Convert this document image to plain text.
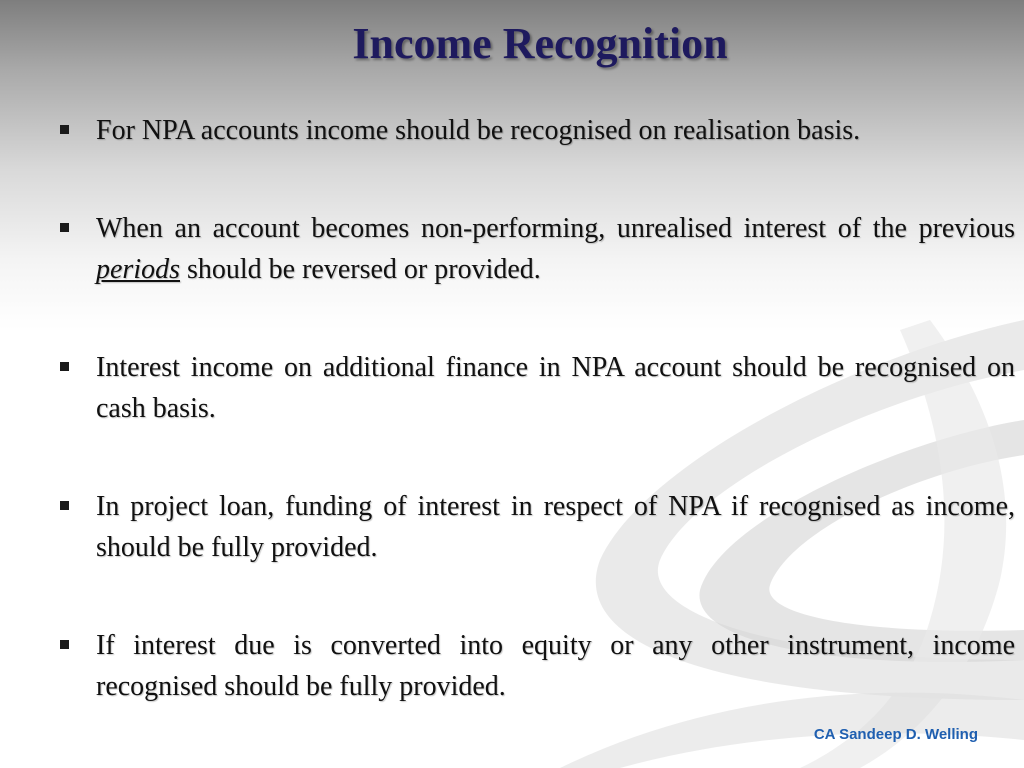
Income Recognition
For NPA accounts income should be recognised on realisation basis.
When an account becomes non-performing, unrealised interest of the previous periods should be reversed or provided.
Interest income on additional finance in NPA account should be recognised on cash basis.
In project loan, funding of interest in respect of NPA if recognised as income, should be fully provided.
If interest due is converted into equity or any other instrument, income recognised should be fully provided.
CA Sandeep D. Welling
